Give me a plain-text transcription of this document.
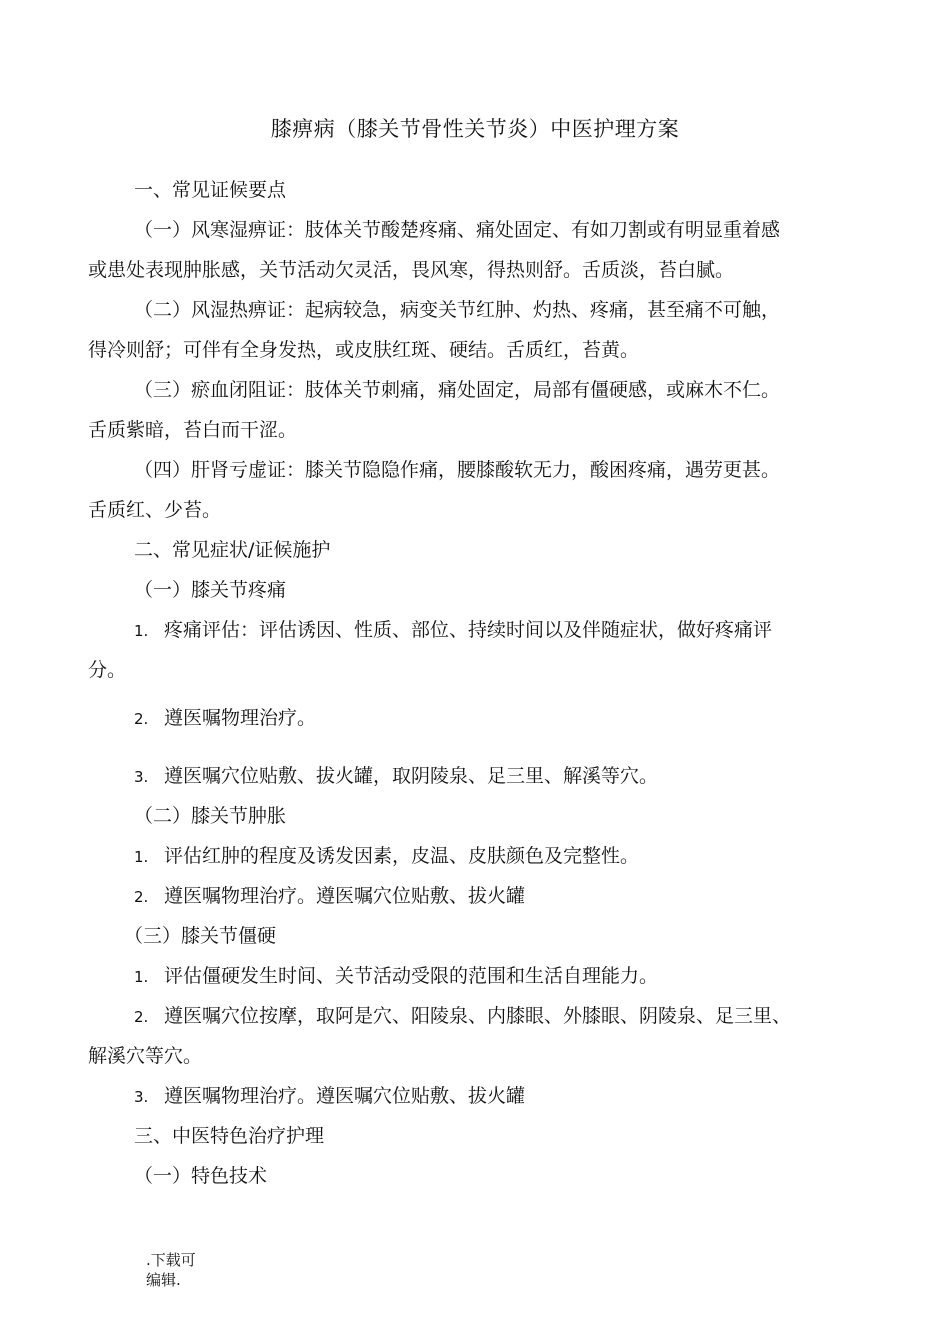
膝痹病（膝关节骨性关节炎）中医护理方案
一、常见证候要点
（一）风寒湿痹证：肢体关节酸楚疼痛、痛处固定、有如刀割或有明显重着感
或患处表现肿胀感，关节活动欠灵活，畏风寒，得热则舒。舌质淡，苔白腻。
（二）风湿热痹证：起病较急，病变关节红肿、灼热、疼痛，甚至痛不可触，
得冷则舒；可伴有全身发热，或皮肤红斑、硬结。舌质红，苔黄。
（三）瘀血闭阻证：肢体关节刺痛，痛处固定，局部有僵硬感，或麻木不仁。
舌质紫暗，苔白而干涩。
（四）肝肾亏虚证：膝关节隐隐作痛，腰膝酸软无力，酸困疼痛，遇劳更甚。
舌质红、少苔。
二、常见症状/证候施护
（一）膝关节疼痛
1. 疼痛评估：评估诱因、性质、部位、持续时间以及伴随症状，做好疼痛评
分。
2. 遵医嘱物理治疗。
3. 遵医嘱穴位贴敷、拔火罐，取阴陵泉、足三里、解溪等穴。
（二）膝关节肿胀
1. 评估红肿的程度及诱发因素，皮温、皮肤颜色及完整性。
2. 遵医嘱物理治疗。遵医嘱穴位贴敷、拔火罐
（三）膝关节僵硬
1. 评估僵硬发生时间、关节活动受限的范围和生活自理能力。
2. 遵医嘱穴位按摩，取阿是穴、阳陵泉、内膝眼、外膝眼、阴陵泉、足三里、
解溪穴等穴。
3. 遵医嘱物理治疗。遵医嘱穴位贴敷、拔火罐
三、中医特色治疗护理
（一）特色技术
.下载可
编辑.
